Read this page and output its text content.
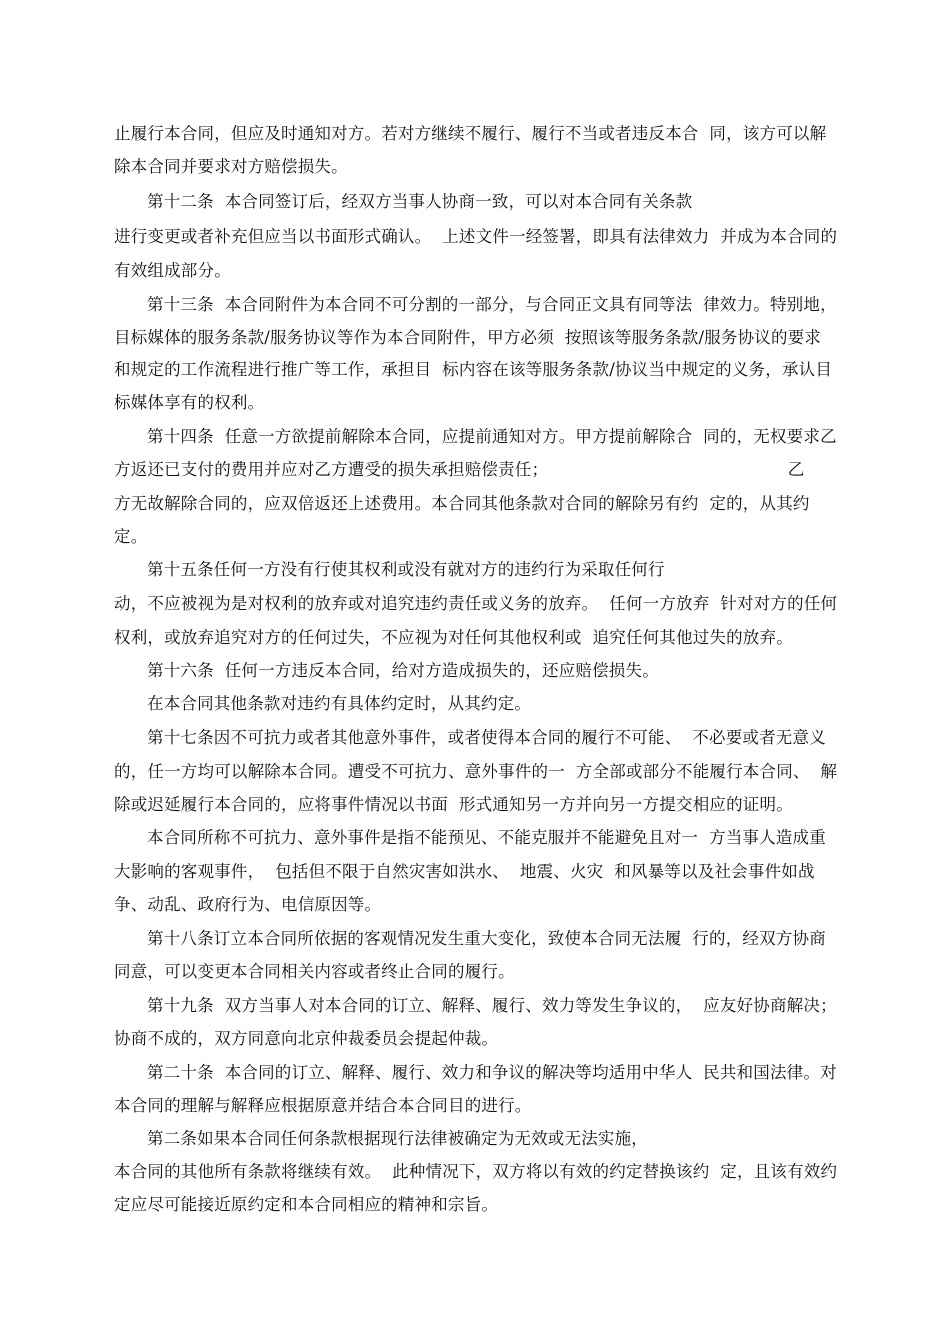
止履行本合同，但应及时通知对方。若对方继续不履行、履行不当或者违反本合  同，该方可以解
除本合同并要求对方赔偿损失。
第十二条  本合同签订后，经双方当事人协商一致，可以对本合同有关条款
进行变更或者补充但应当以书面形式确认。  上述文件一经签署，即具有法律效力  并成为本合同的
有效组成部分。
第十三条  本合同附件为本合同不可分割的一部分，与合同正文具有同等法  律效力。特别地，
目标媒体的服务条款/服务协议等作为本合同附件，甲方必须  按照该等服务条款/服务协议的要求
和规定的工作流程进行推广等工作，承担目  标内容在该等服务条款/协议当中规定的义务，承认目
标媒体享有的权利。
第十四条  任意一方欲提前解除本合同，应提前通知对方。甲方提前解除合  同的，无权要求乙
方返还已支付的费用并应对乙方遭受的损失承担赔偿责任；                                            乙
方无故解除合同的，应双倍返还上述费用。本合同其他条款对合同的解除另有约  定的，从其约
定。
第十五条任何一方没有行使其权利或没有就对方的违约行为采取任何行
动，不应被视为是对权利的放弃或对追究违约责任或义务的放弃。  任何一方放弃  针对对方的任何
权利，或放弃追究对方的任何过失，不应视为对任何其他权利或  追究任何其他过失的放弃。
第十六条  任何一方违反本合同，给对方造成损失的，还应赔偿损失。
在本合同其他条款对违约有具体约定时，从其约定。
第十七条因不可抗力或者其他意外事件，或者使得本合同的履行不可能、  不必要或者无意义
的，任一方均可以解除本合同。遭受不可抗力、意外事件的一  方全部或部分不能履行本合同、  解
除或迟延履行本合同的，应将事件情况以书面  形式通知另一方并向另一方提交相应的证明。
本合同所称不可抗力、意外事件是指不能预见、不能克服并不能避免且对一  方当事人造成重
大影响的客观事件，  包括但不限于自然灾害如洪水、  地震、火灾  和风暴等以及社会事件如战
争、动乱、政府行为、电信原因等。
第十八条订立本合同所依据的客观情况发生重大变化，致使本合同无法履  行的，经双方协商
同意，可以变更本合同相关内容或者终止合同的履行。
第十九条  双方当事人对本合同的订立、解释、履行、效力等发生争议的，  应友好协商解决；
协商不成的，双方同意向北京仲裁委员会提起仲裁。
第二十条  本合同的订立、解释、履行、效力和争议的解决等均适用中华人  民共和国法律。对
本合同的理解与解释应根据原意并结合本合同目的进行。
第二条如果本合同任何条款根据现行法律被确定为无效或无法实施，
本合同的其他所有条款将继续有效。  此种情况下，双方将以有效的约定替换该约  定，且该有效约
定应尽可能接近原约定和本合同相应的精神和宗旨。
